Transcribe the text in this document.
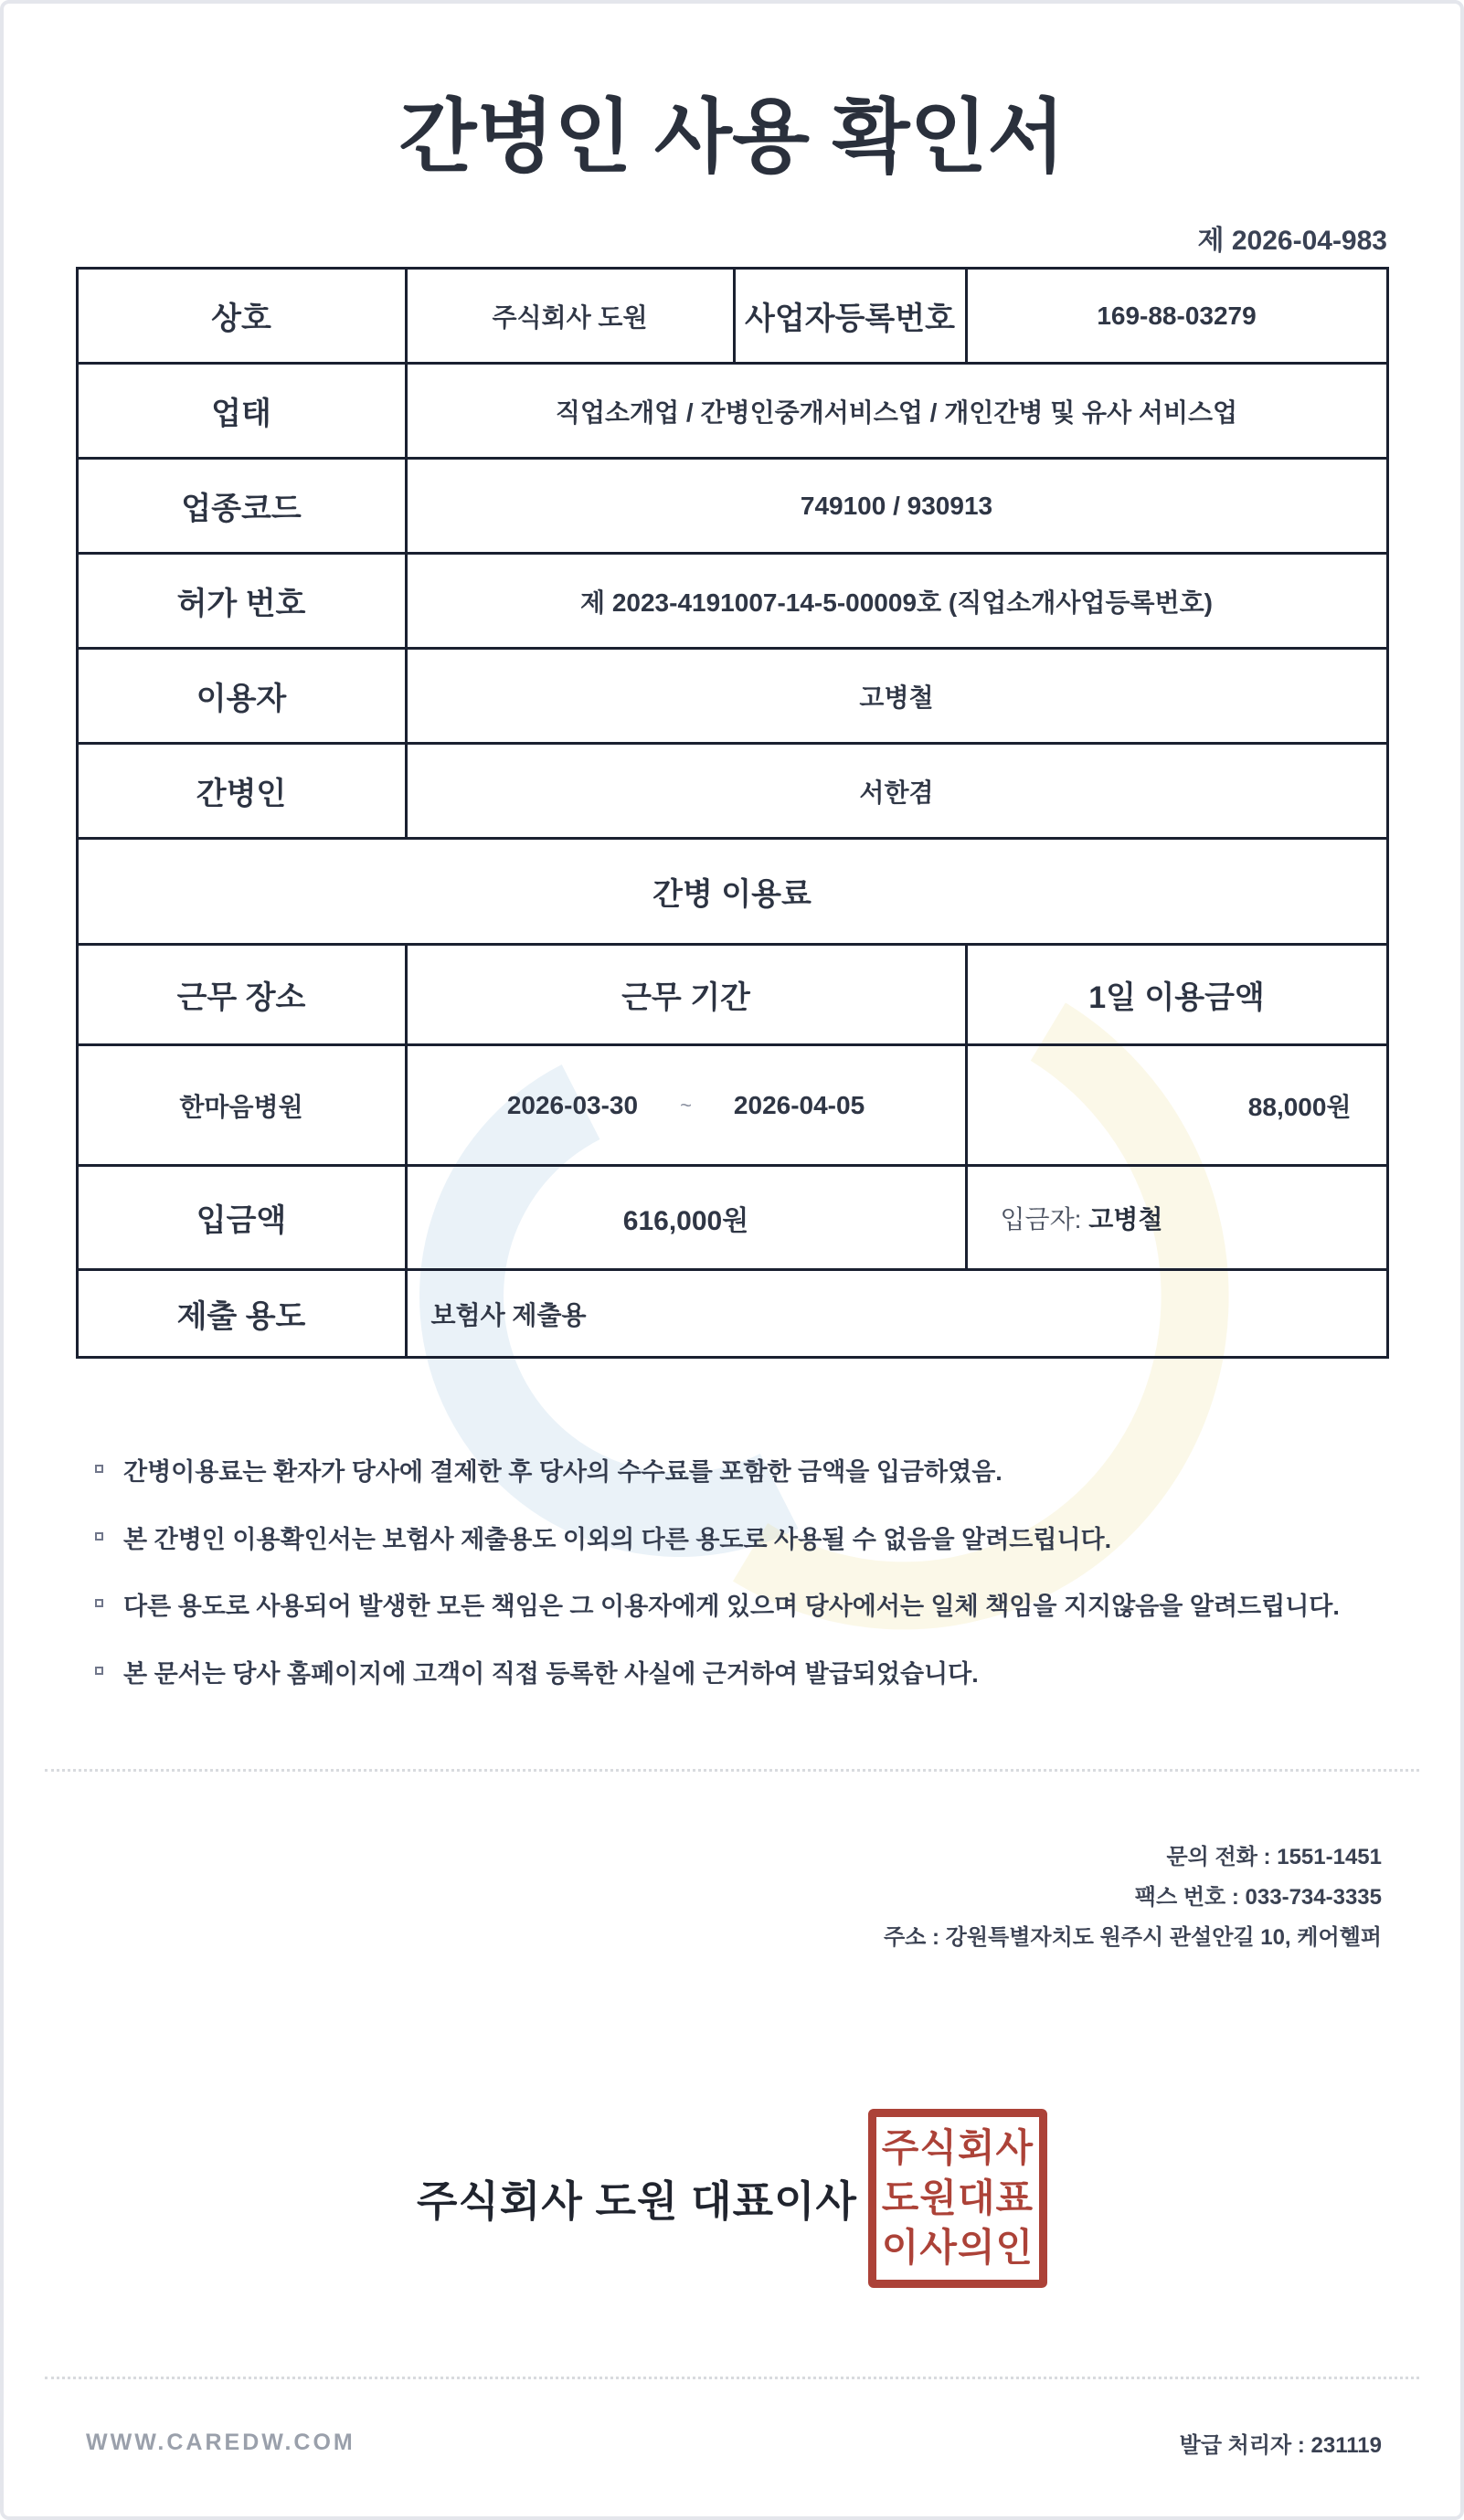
간병인 사용 확인서
제 2026-04-983
상호	주식회사 도원	사업자등록번호	169-88-03279
업태	직업소개업 / 간병인중개서비스업 / 개인간병 및 유사 서비스업		
업종코드	749100 / 930913		
허가 번호	제 2023-4191007-14-5-00009호 (직업소개사업등록번호)		
이용자	고병철		
간병인	서한겸		
간병 이용료			
근무 장소	근무 기간		1일 이용금액
한마음병원	2026-03-30 ~ 2026-04-05		88,000원
입금액	616,000원		입금자: 고병철
제출 용도	보험사 제출용		
간병이용료는 환자가 당사에 결제한 후 당사의 수수료를 포함한 금액을 입금하였음.
본 간병인 이용확인서는 보험사 제출용도 이외의 다른 용도로 사용될 수 없음을 알려드립니다.
다른 용도로 사용되어 발생한 모든 책임은 그 이용자에게 있으며 당사에서는 일체 책임을 지지않음을 알려드립니다.
본 문서는 당사 홈페이지에 고객이 직접 등록한 사실에 근거하여 발급되었습니다.
문의 전화 : 1551-1451
팩스 번호 : 033-734-3335
주소 : 강원특별자치도 원주시 관설안길 10, 케어헬퍼
주식회사 도원 대표이사
주식회사
도원대표
이사의인
WWW.CAREDW.COM	발급 처리자 : 231119
